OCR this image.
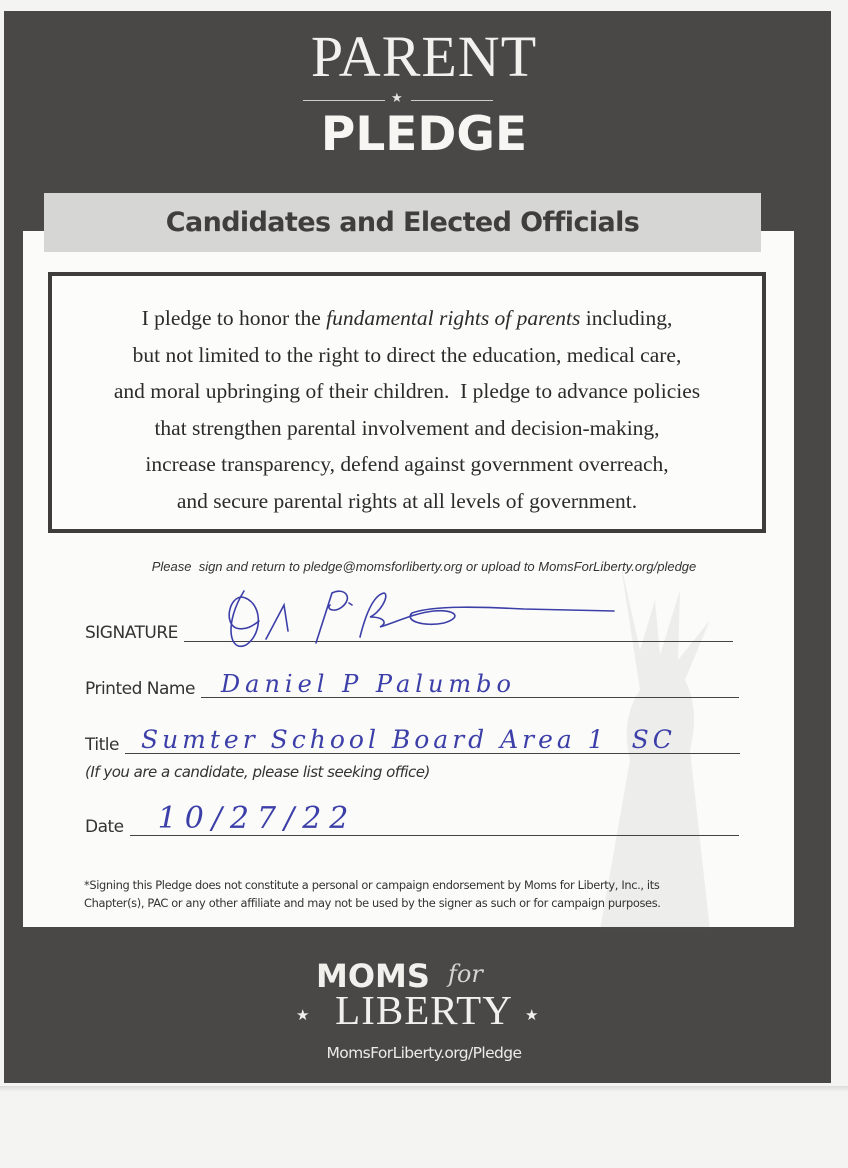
PARENT
★
PLEDGE
Candidates and Elected Officials
I pledge to honor the fundamental rights of parents including,
but not limited to the right to direct the education, medical care,
and moral upbringing of their children.  I pledge to advance policies
that strengthen parental involvement and decision-making,
increase transparency, defend against government overreach,
and secure parental rights at all levels of government.
Please  sign and return to pledge@momsforliberty.org or upload to MomsForLiberty.org/pledge
SIGNATURE
Printed Name Daniel P Palumbo
Title Sumter School Board Area 1  SC
(If you are a candidate, please list seeking office)
Date 10/27/22
*Signing this Pledge does not constitute a personal or campaign endorsement by Moms for Liberty, Inc., its
Chapter(s), PAC or any other affiliate and may not be used by the signer as such or for campaign purposes.
MOMS for
★ LIBERTY ★
MomsForLiberty.org/Pledge
